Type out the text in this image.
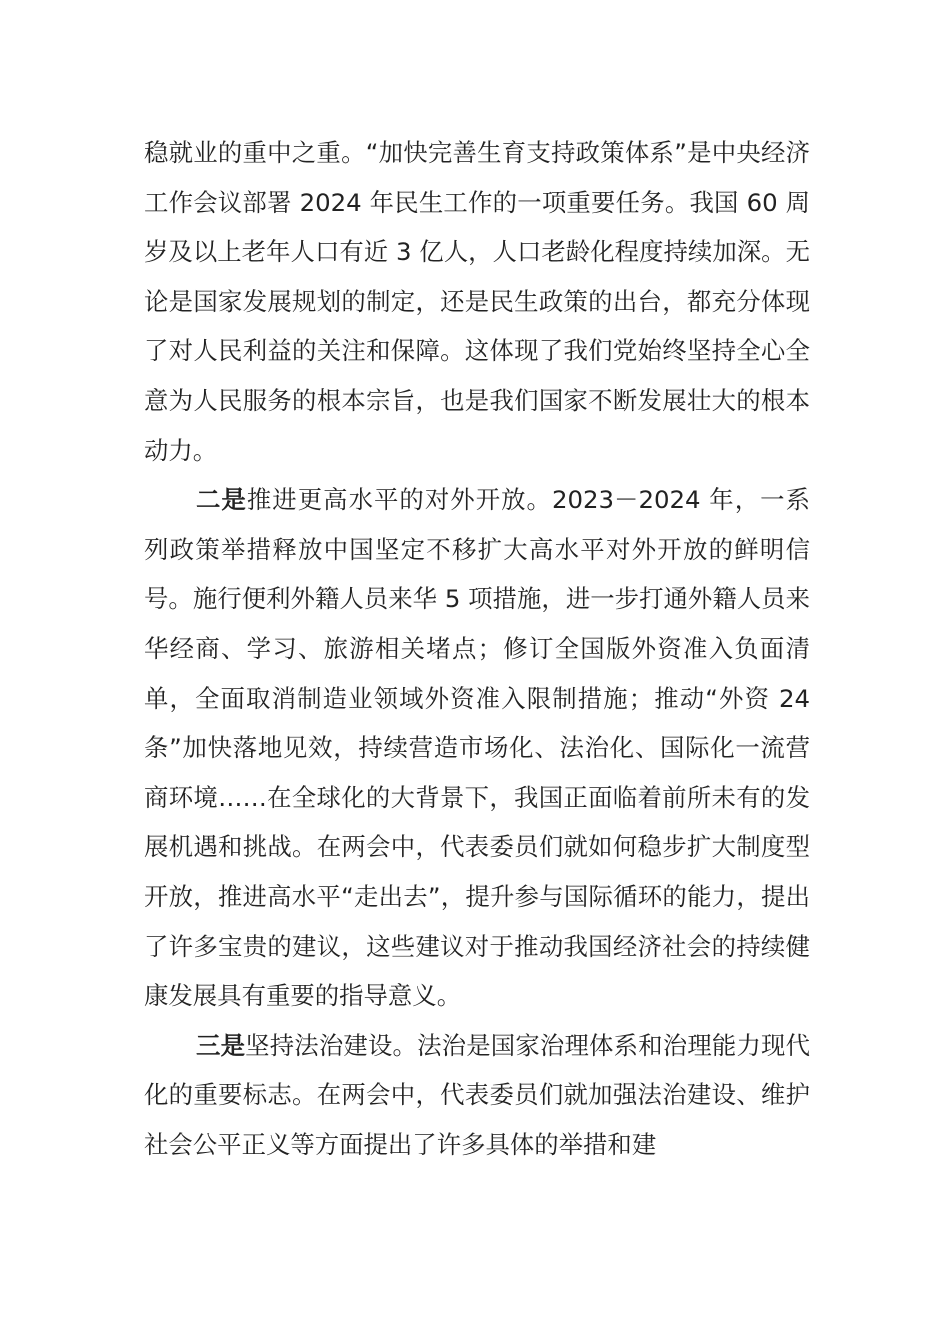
稳就业的重中之重。“加快完善生育支持政策体系”是中央经济工作会议部署 2024 年民生工作的一项重要任务。我国 60 周岁及以上老年人口有近 3 亿人，人口老龄化程度持续加深。无论是国家发展规划的制定，还是民生政策的出台，都充分体现了对人民利益的关注和保障。这体现了我们党始终坚持全心全意为人民服务的根本宗旨，也是我们国家不断发展壮大的根本动力。

二是推进更高水平的对外开放。2023－2024 年，一系列政策举措释放中国坚定不移扩大高水平对外开放的鲜明信号。施行便利外籍人员来华 5 项措施，进一步打通外籍人员来华经商、学习、旅游相关堵点；修订全国版外资准入负面清单，全面取消制造业领域外资准入限制措施；推动“外资 24 条”加快落地见效，持续营造市场化、法治化、国际化一流营商环境……在全球化的大背景下，我国正面临着前所未有的发展机遇和挑战。在两会中，代表委员们就如何稳步扩大制度型开放，推进高水平“走出去”，提升参与国际循环的能力，提出了许多宝贵的建议，这些建议对于推动我国经济社会的持续健康发展具有重要的指导意义。

三是坚持法治建设。法治是国家治理体系和治理能力现代化的重要标志。在两会中，代表委员们就加强法治建设、维护社会公平正义等方面提出了许多具体的举措和建
